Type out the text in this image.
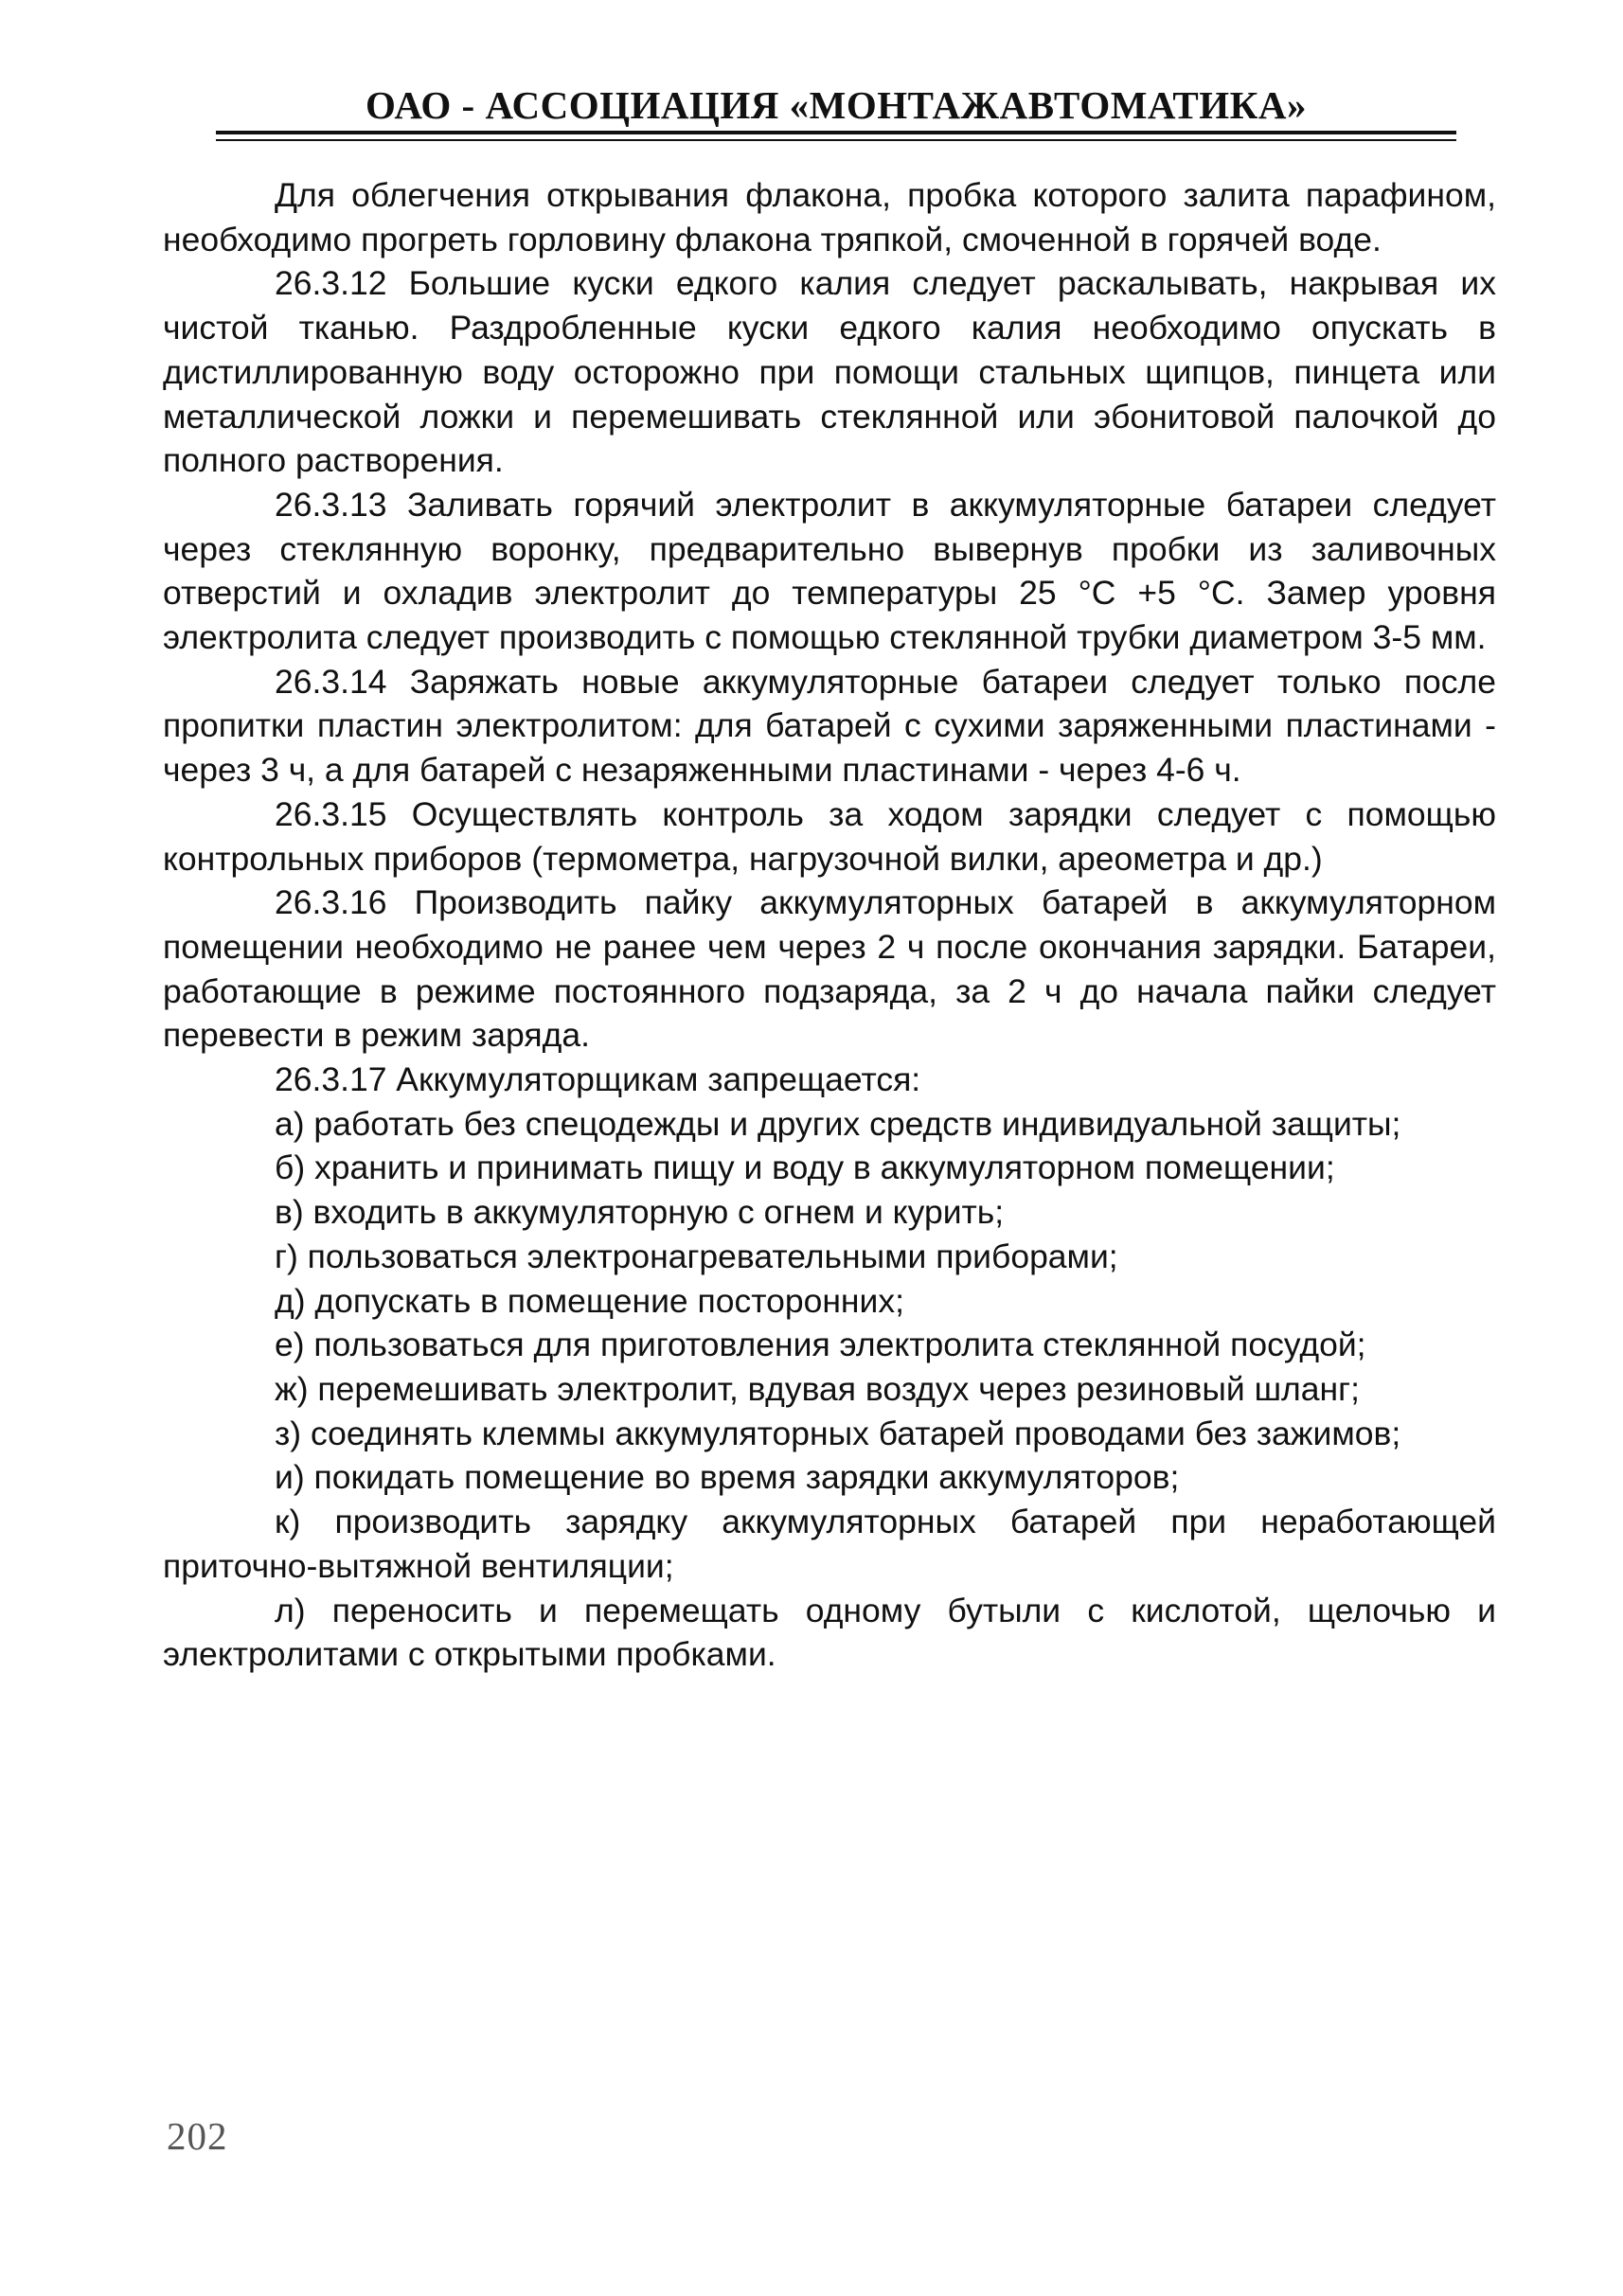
ОАО - АССОЦИАЦИЯ «МОНТАЖАВТОМАТИКА»

Для облегчения открывания флакона, пробка которого залита парафином, необходимо прогреть горловину флакона тряпкой, смоченной в горячей воде.

26.3.12 Большие куски едкого калия следует раскалывать, накрывая их чистой тканью. Раздробленные куски едкого калия необходимо опускать в дистиллированную воду осторожно при помощи стальных щипцов, пинцета или металлической ложки и перемешивать стеклянной или эбонитовой палочкой до полного растворения.

26.3.13 Заливать горячий электролит в аккумуляторные батареи следует через стеклянную воронку, предварительно вывернув пробки из заливочных отверстий и охладив электролит до температуры 25 °С +5 °С. Замер уровня электролита следует производить с помощью стеклянной трубки диаметром 3-5 мм.

26.3.14 Заряжать новые аккумуляторные батареи следует только после пропитки пластин электролитом: для батарей с сухими заряженными пластинами - через 3 ч, а для батарей с незаряженными пластинами - через 4-6 ч.

26.3.15 Осуществлять контроль за ходом зарядки следует с помощью контрольных приборов (термометра, нагрузочной вилки, ареометра и др.)

26.3.16 Производить пайку аккумуляторных батарей в аккумуляторном помещении необходимо не ранее чем через 2 ч после окончания зарядки. Батареи, работающие в режиме постоянного подзаряда, за 2 ч до начала пайки следует перевести в режим заряда.

26.3.17 Аккумуляторщикам запрещается:

а) работать без спецодежды и других средств индивидуальной защиты;

б) хранить и принимать пищу и воду в аккумуляторном помещении;

в) входить в аккумуляторную с огнем и курить;

г) пользоваться электронагревательными приборами;

д) допускать в помещение посторонних;

е) пользоваться для приготовления электролита стеклянной посудой;

ж) перемешивать электролит, вдувая воздух через резиновый шланг;

з) соединять клеммы аккумуляторных батарей проводами без зажимов;

и) покидать помещение во время зарядки аккумуляторов;

к) производить зарядку аккумуляторных батарей при неработающей приточно-вытяжной вентиляции;

л) переносить и перемещать одному бутыли с кислотой, щелочью и электролитами с открытыми пробками.

202
